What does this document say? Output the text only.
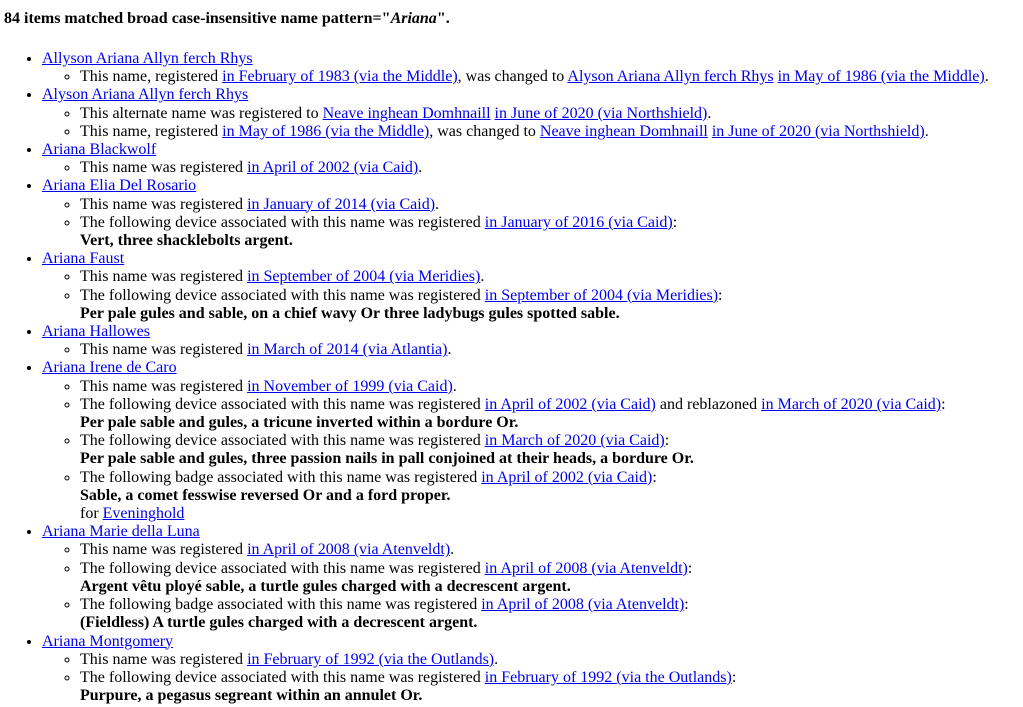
84 items matched broad case-insensitive name pattern="Ariana".
• Allyson Ariana Allyn ferch Rhys
◦ This name, registered in February of 1983 (via the Middle), was changed to Alyson Ariana Allyn ferch Rhys in May of 1986 (via the Middle).
• Alyson Ariana Allyn ferch Rhys
◦ This alternate name was registered to Neave inghean Domhnaill in June of 2020 (via Northshield).
◦ This name, registered in May of 1986 (via the Middle), was changed to Neave inghean Domhnaill in June of 2020 (via Northshield).
• Ariana Blackwolf
◦ This name was registered in April of 2002 (via Caid).
• Ariana Elia Del Rosario
◦ This name was registered in January of 2014 (via Caid).
◦ The following device associated with this name was registered in January of 2016 (via Caid):
Vert, three shacklebolts argent.
• Ariana Faust
◦ This name was registered in September of 2004 (via Meridies).
◦ The following device associated with this name was registered in September of 2004 (via Meridies):
Per pale gules and sable, on a chief wavy Or three ladybugs gules spotted sable.
• Ariana Hallowes
◦ This name was registered in March of 2014 (via Atlantia).
• Ariana Irene de Caro
◦ This name was registered in November of 1999 (via Caid).
◦ The following device associated with this name was registered in April of 2002 (via Caid) and reblazoned in March of 2020 (via Caid):
Per pale sable and gules, a tricune inverted within a bordure Or.
◦ The following device associated with this name was registered in March of 2020 (via Caid):
Per pale sable and gules, three passion nails in pall conjoined at their heads, a bordure Or.
◦ The following badge associated with this name was registered in April of 2002 (via Caid):
Sable, a comet fesswise reversed Or and a ford proper.
for Eveninghold
• Ariana Marie della Luna
◦ This name was registered in April of 2008 (via Atenveldt).
◦ The following device associated with this name was registered in April of 2008 (via Atenveldt):
Argent vêtu ployé sable, a turtle gules charged with a decrescent argent.
◦ The following badge associated with this name was registered in April of 2008 (via Atenveldt):
(Fieldless) A turtle gules charged with a decrescent argent.
• Ariana Montgomery
◦ This name was registered in February of 1992 (via the Outlands).
◦ The following device associated with this name was registered in February of 1992 (via the Outlands):
Purpure, a pegasus segreant within an annulet Or.
